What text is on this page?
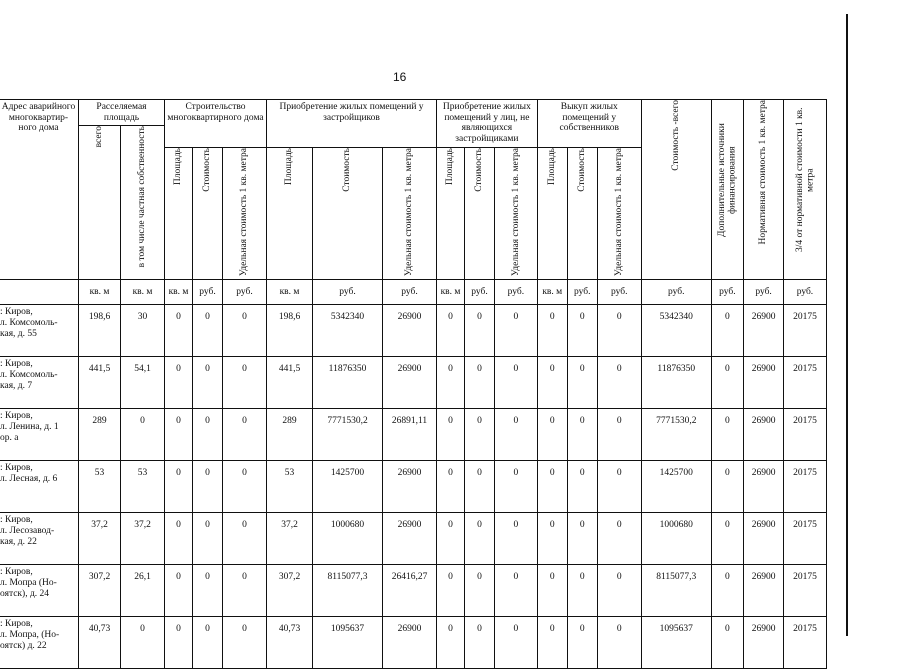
16
Адрес аварийного многоквартир-ного дома	Расселяемая площадь		Строительство многоквартирного дома			Приобретение жилых помещений у застройщиков			Приобретение жилых помещений у лиц, не являющихся застройщиками			Выкуп жилых помещений у собственников			Стоимость -всего	Дополнительные источники финансирования	Нормативная стоимость 1 кв. метра	3/4 от нормативной стоимости 1 кв. метра
	всего	в том числе частная собственность																
			Площадь	Стоимость	Удельная стоимость 1 кв. метра	Площадь	Стоимость	Удельная стоимость 1 кв. метра	Площадь	Стоимость	Удельная стоимость 1 кв. метра	Площадь	Стоимость	Удельная стоимость 1 кв. метра				
	кв. м	кв. м	кв. м	руб.	руб.	кв. м	руб.	руб.	кв. м	руб.	руб.	кв. м	руб.	руб.	руб.	руб.	руб.	руб.
: Киров,
л. Комсомоль-
кая, д. 55	198,6	30	0	0	0	198,6	5342340	26900	0	0	0	0	0	0	5342340	0	26900	20175
: Киров,
л. Комсомоль-
кая, д. 7	441,5	54,1	0	0	0	441,5	11876350	26900	0	0	0	0	0	0	11876350	0	26900	20175
: Киров,
л. Ленина, д. 1
ор. а	289	0	0	0	0	289	7771530,2	26891,11	0	0	0	0	0	0	7771530,2	0	26900	20175
: Киров,
л. Лесная, д. 6	53	53	0	0	0	53	1425700	26900	0	0	0	0	0	0	1425700	0	26900	20175
: Киров,
л. Лесозавод-
кая, д. 22	37,2	37,2	0	0	0	37,2	1000680	26900	0	0	0	0	0	0	1000680	0	26900	20175
: Киров,
л. Мопра (Но-
оятск), д. 24	307,2	26,1	0	0	0	307,2	8115077,3	26416,27	0	0	0	0	0	0	8115077,3	0	26900	20175
: Киров,
л. Мопра, (Но-
оятск) д. 22	40,73	0	0	0	0	40,73	1095637	26900	0	0	0	0	0	0	1095637	0	26900	20175
